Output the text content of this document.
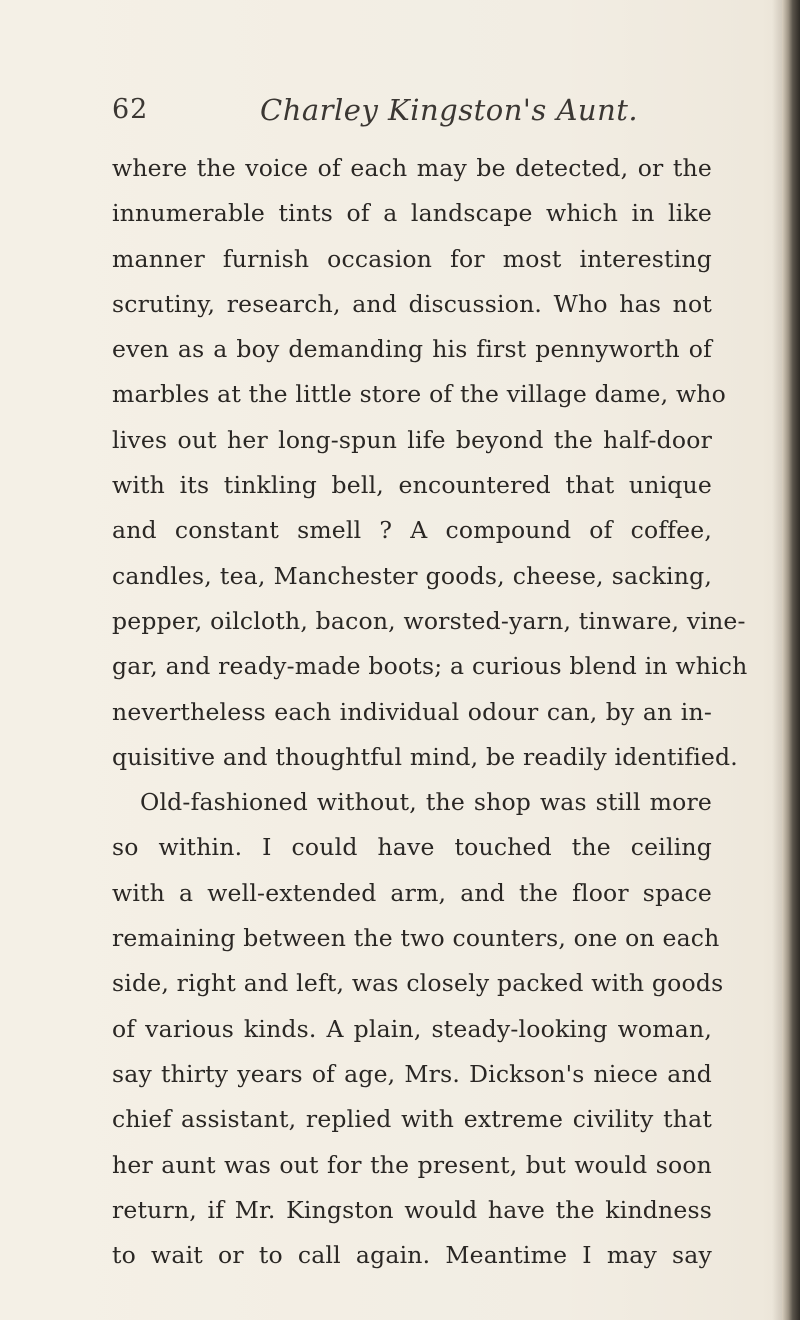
62	Charley Kingston's Aunt.
where the voice of each may be detected, or the
innumerable tints of a landscape which in like
manner furnish occasion for most interesting
scrutiny, research, and discussion. Who has not
even as a boy demanding his first pennyworth of
marbles at the little store of the village dame, who
lives out her long-spun life beyond the half-door
with its tinkling bell, encountered that unique
and constant smell ? A compound of coffee,
candles, tea, Manchester goods, cheese, sacking,
pepper, oilcloth, bacon, worsted-yarn, tinware, vine-
gar, and ready-made boots; a curious blend in which
nevertheless each individual odour can, by an in-
quisitive and thoughtful mind, be readily identified.
Old-fashioned without, the shop was still more
so within. I could have touched the ceiling
with a well-extended arm, and the floor space
remaining between the two counters, one on each
side, right and left, was closely packed with goods
of various kinds. A plain, steady-looking woman,
say thirty years of age, Mrs. Dickson's niece and
chief assistant, replied with extreme civility that
her aunt was out for the present, but would soon
return, if Mr. Kingston would have the kindness
to wait or to call again. Meantime I may say
